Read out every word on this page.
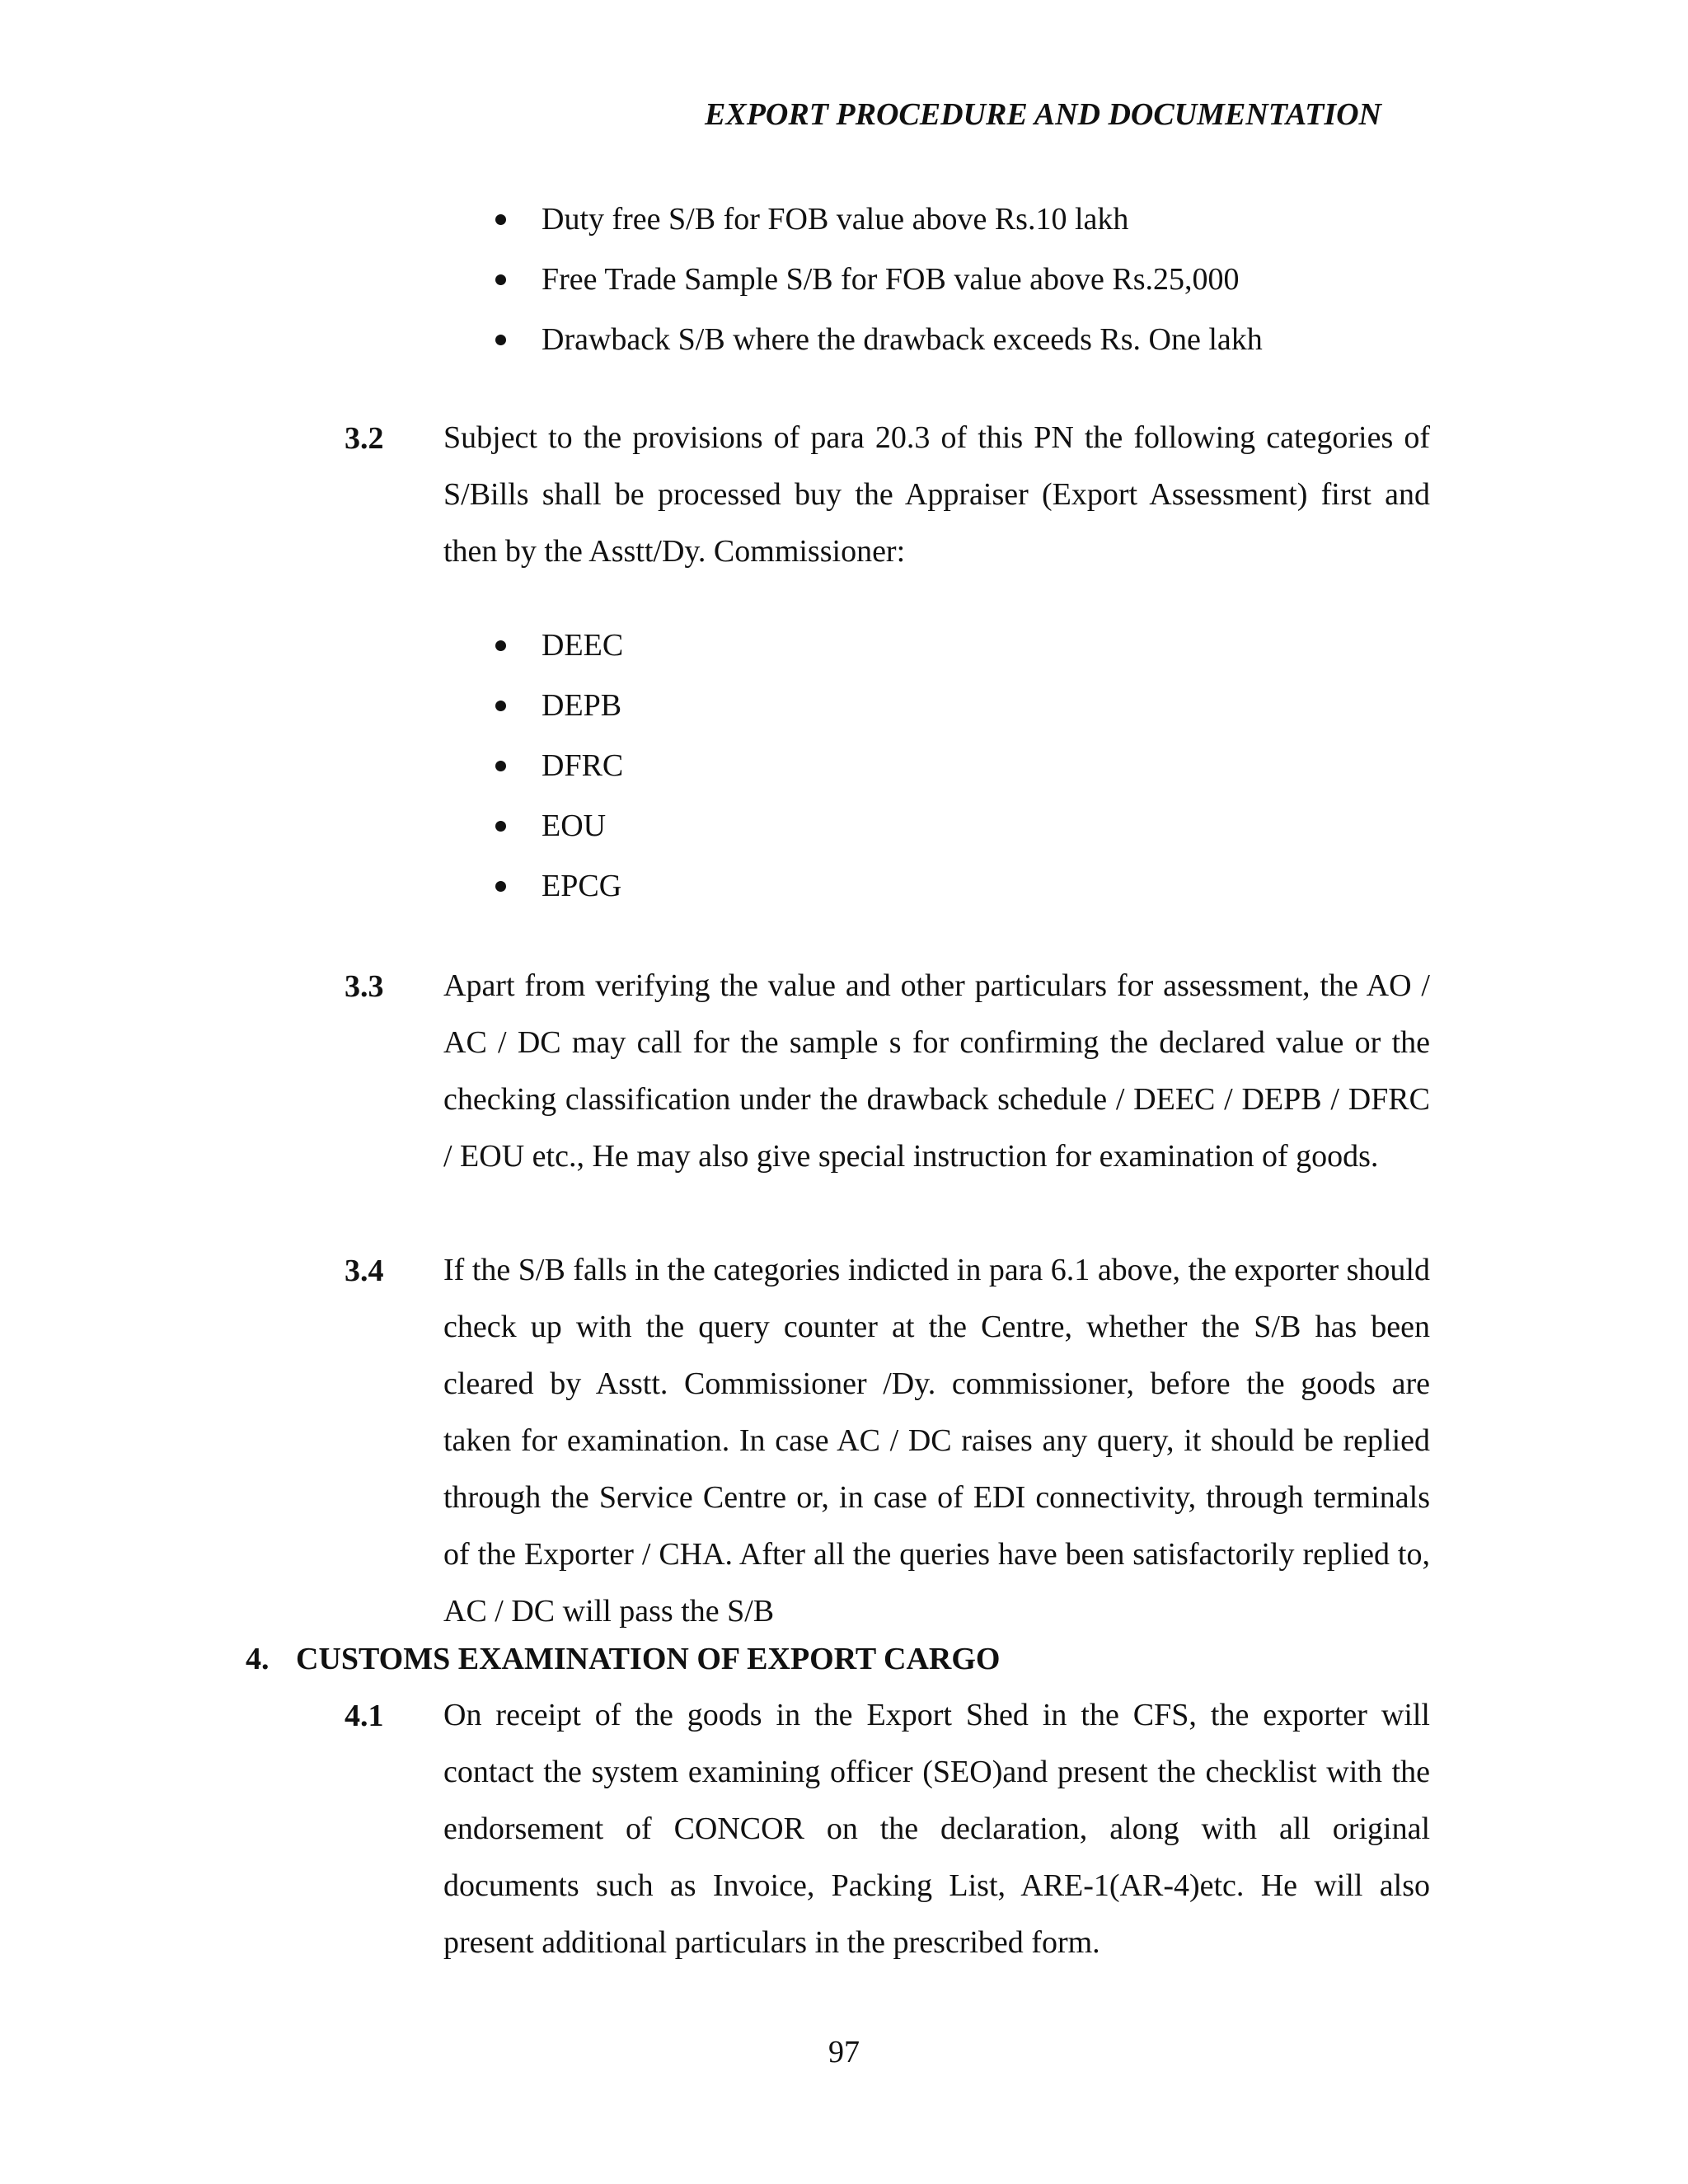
EXPORT PROCEDURE AND DOCUMENTATION
Duty free S/B for FOB value above Rs.10 lakh
Free Trade Sample S/B for FOB value above Rs.25,000
Drawback S/B where the drawback exceeds Rs. One lakh
3.2 Subject to the provisions of para 20.3 of this PN the following categories of S/Bills shall be processed buy the Appraiser (Export Assessment) first and then by the Asstt/Dy. Commissioner:

DEEC
DEPB
DFRC
EOU
EPCG
3.3 Apart from verifying the value and other particulars for assessment, the AO / AC / DC may call for the sample s for confirming the declared value or the checking classification under the drawback schedule / DEEC / DEPB / DFRC / EOU etc., He may also give special instruction for examination of goods.

3.4 If the S/B falls in the categories indicted in para 6.1 above, the exporter should check up with the query counter at the Centre, whether the S/B has been cleared by Asstt. Commissioner /Dy. commissioner, before the goods are taken for examination. In case AC / DC raises any query, it should be replied through the Service Centre or, in case of EDI connectivity, through terminals of the Exporter / CHA. After all the queries have been satisfactorily replied to, AC / DC will pass the S/B

4. CUSTOMS EXAMINATION OF EXPORT CARGO
4.1 On receipt of the goods in the Export Shed in the CFS, the exporter will contact the system examining officer (SEO)and present the checklist with the endorsement of CONCOR on the declaration, along with all original documents such as Invoice, Packing List, ARE-1(AR-4)etc. He will also present additional particulars in the prescribed form.

97
